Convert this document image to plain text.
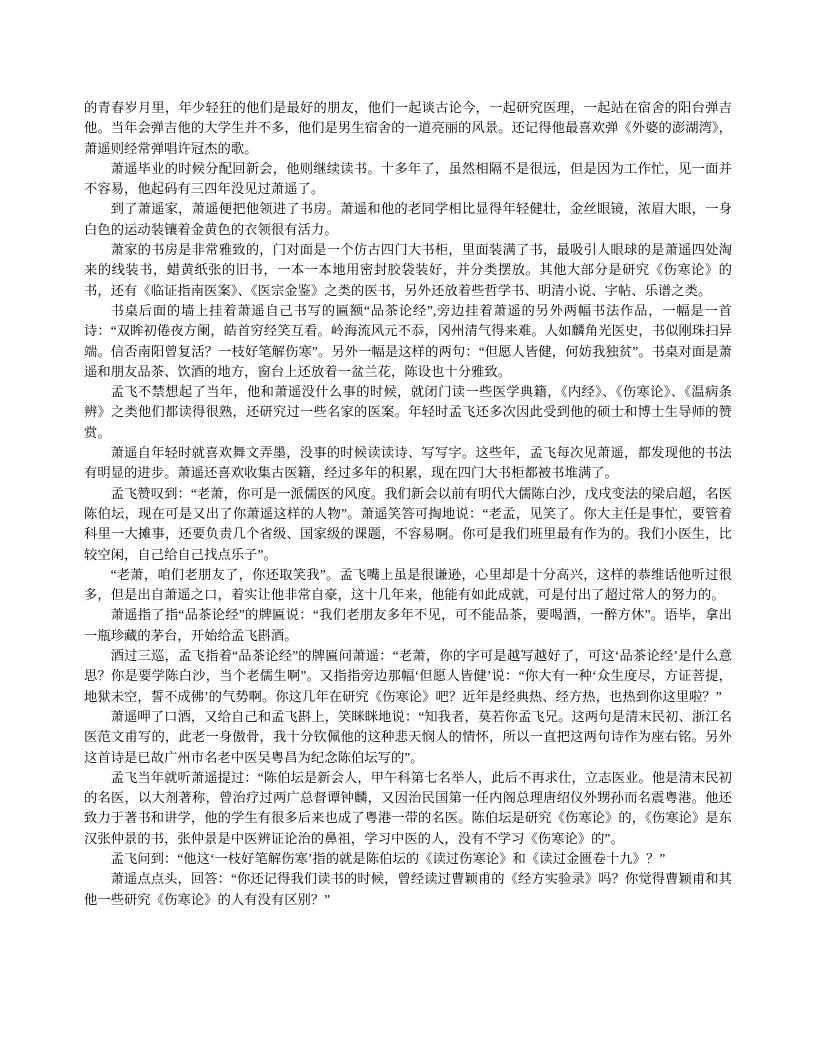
的青春岁月里，年少轻狂的他们是最好的朋友，他们一起谈古论今，一起研究医理，一起站在宿舍的阳台弹吉他。当年会弹吉他的大学生并不多，他们是男生宿舍的一道亮丽的风景。还记得他最喜欢弹《外婆的澎湖湾》，萧遥则经常弹唱许冠杰的歌。

萧遥毕业的时候分配回新会，他则继续读书。十多年了，虽然相隔不是很远，但是因为工作忙，见一面并不容易，他起码有三四年没见过萧遥了。

到了萧遥家，萧遥便把他领进了书房。萧遥和他的老同学相比显得年轻健壮，金丝眼镜，浓眉大眼，一身白色的运动装镶着金黄色的衣领很有活力。

萧家的书房是非常雅致的，门对面是一个仿古四门大书柜，里面装满了书，最吸引人眼球的是萧遥四处淘来的线装书，蜡黄纸张的旧书，一本一本地用密封胶袋装好，并分类摆放。其他大部分是研究《伤寒论》的书，还有《临证指南医案》、《医宗金鉴》之类的医书，另外还放着些哲学书、明清小说、字帖、乐谱之类。

书桌后面的墙上挂着萧遥自己书写的匾额“品茶论经”,旁边挂着萧遥的另外两幅书法作品，一幅是一首诗：“双眸初倦夜方阑，皓首穷经笑互看。岭海流风元不忝，冈州清气得来难。人如麟角光医史，书似刚珠扫异端。信否南阳曾复活？一枝好笔解伤寒”。另外一幅是这样的两句：“但愿人皆健，何妨我独贫”。书桌对面是萧遥和朋友品茶、饮酒的地方，窗台上还放着一盆兰花，陈设也十分雅致。

孟飞不禁想起了当年，他和萧遥没什么事的时候，就闭门读一些医学典籍，《内经》、《伤寒论》、《温病条辨》之类他们都读得很熟，还研究过一些名家的医案。年轻时孟飞还多次因此受到他的硕士和博士生导师的赞赏。

萧遥自年轻时就喜欢舞文弄墨，没事的时候读读诗、写写字。这些年，孟飞每次见萧遥，都发现他的书法有明显的进步。萧遥还喜欢收集古医籍，经过多年的积累，现在四门大书柜都被书堆满了。

孟飞赞叹到：“老萧，你可是一派儒医的风度。我们新会以前有明代大儒陈白沙，戊戌变法的梁启超，名医陈伯坛，现在可是又出了你萧遥这样的人物”。萧遥笑答可掏地说：“老孟，见笑了。你大主任是事忙，要管着科里一大摊事，还要负责几个省级、国家级的课题，不容易啊。你可是我们班里最有作为的。我们小医生，比较空闲，自己给自己找点乐子”。

“老萧，咱们老朋友了，你还取笑我”。孟飞嘴上虽是很谦逊，心里却是十分高兴，这样的恭维话他听过很多，但是出自萧遥之口，着实让他非常自豪，这十几年来，他能有如此成就，可是付出了超过常人的努力的。

萧遥指了指“品茶论经”的牌匾说：“我们老朋友多年不见，可不能品茶，要喝酒，一醉方休”。语毕，拿出一瓶珍藏的茅台，开始给孟飞斟酒。

酒过三巡，孟飞指着“品茶论经”的牌匾问萧遥：“老萧，你的字可是越写越好了，可这‘品茶论经’是什么意思？你是要学陈白沙，当个老儒生啊”。又指指旁边那幅‘但愿人皆健’说：“你大有一种‘众生度尽，方证菩提，地狱未空，誓不成佛’的气势啊。你这几年在研究《伤寒论》吧？近年是经典热、经方热，也热到你这里啦？”

萧遥呷了口酒，又给自己和孟飞斟上，笑眯眯地说：“知我者，莫若你孟飞兄。这两句是清末民初、浙江名医范文甫写的，此老一身傲骨，我十分钦佩他的这种悲天悯人的情怀，所以一直把这两句诗作为座右铭。另外这首诗是已故广州市名老中医吴粤昌为纪念陈伯坛写的”。

孟飞当年就听萧遥提过：“陈伯坛是新会人，甲午科第七名举人，此后不再求仕，立志医业。他是清末民初的名医，以大剂著称，曾治疗过两广总督谭钟麟，又因治民国第一任内阁总理唐绍仪外甥孙而名震粤港。他还致力于著书和讲学，他的学生有很多后来也成了粤港一带的名医。陈伯坛是研究《伤寒论》的，《伤寒论》是东汉张仲景的书，张仲景是中医辨证论治的鼻祖，学习中医的人，没有不学习《伤寒论》的”。

孟飞问到：“他这‘一枝好笔解伤寒’指的就是陈伯坛的《读过伤寒论》和《读过金匮卷十九》？”

萧遥点点头，回答：“你还记得我们读书的时候，曾经读过曹颖甫的《经方实验录》吗？你觉得曹颖甫和其他一些研究《伤寒论》的人有没有区别？”
